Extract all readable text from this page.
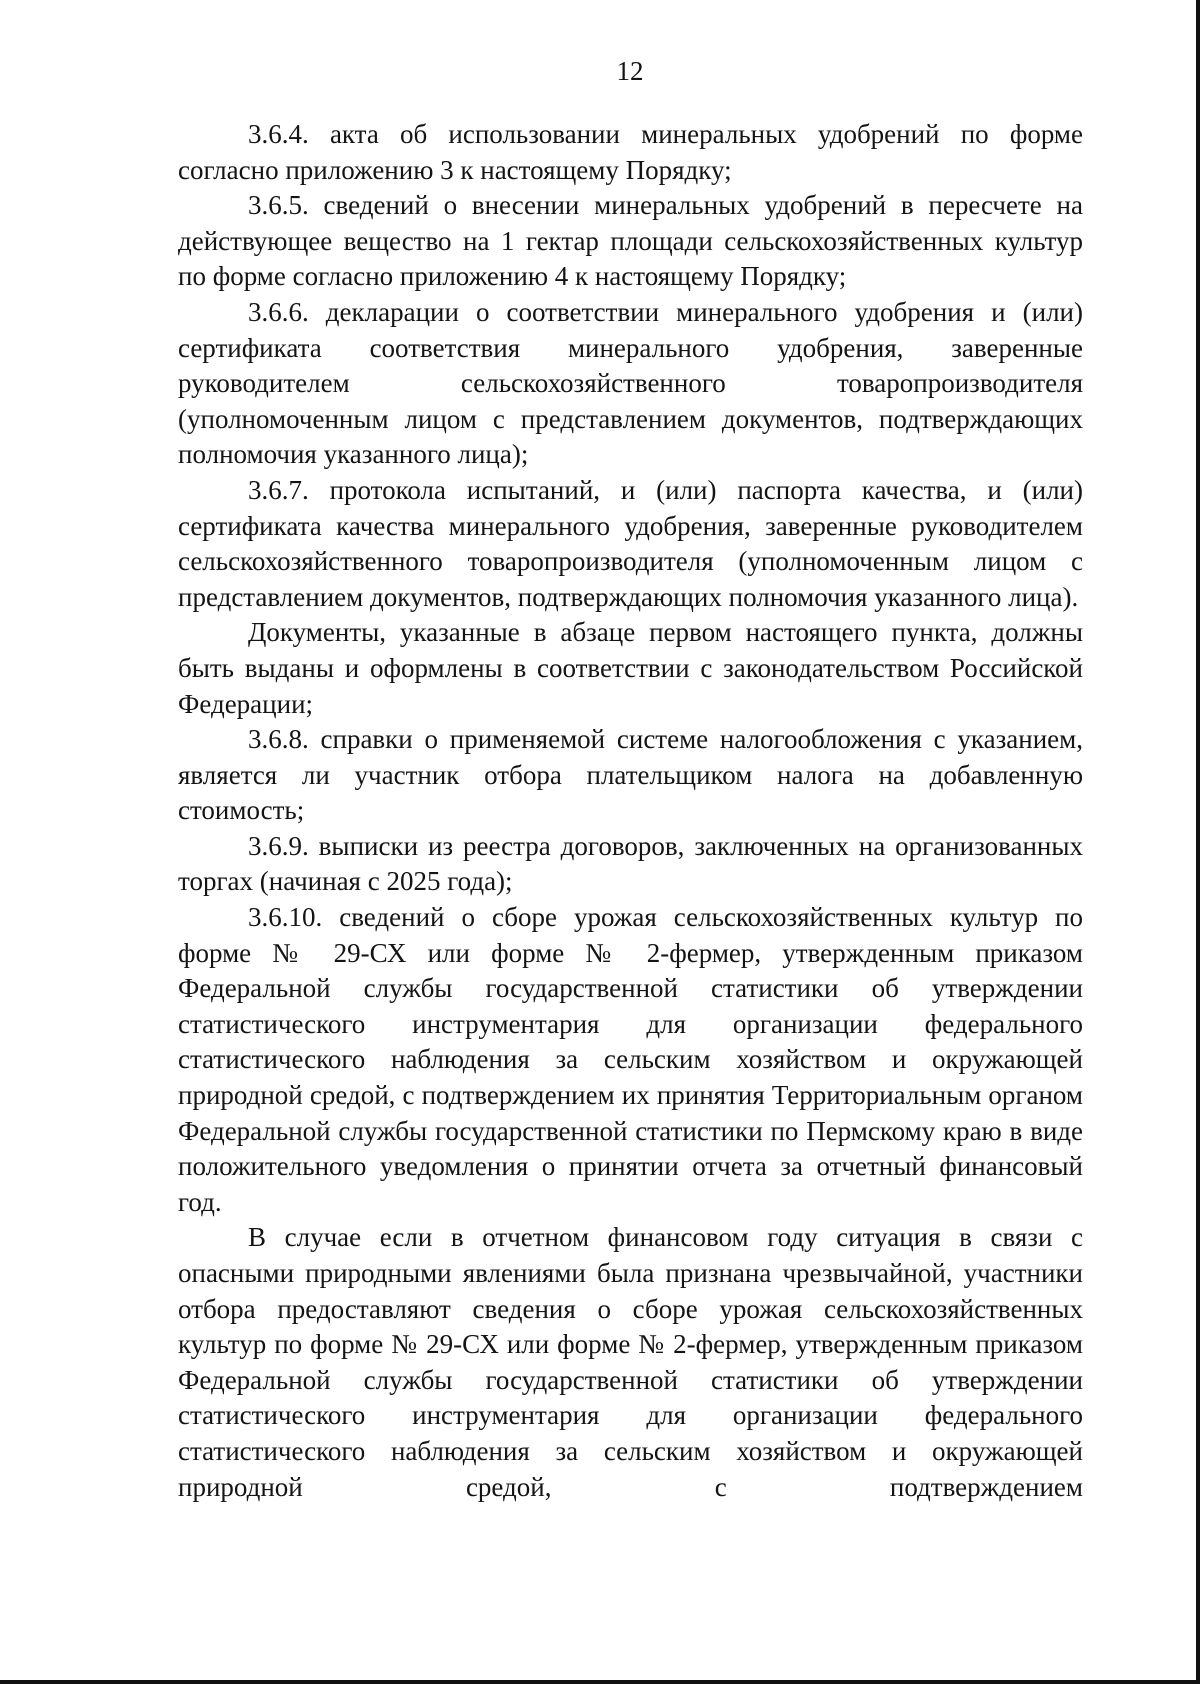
12

3.6.4. акта об использовании минеральных удобрений по форме согласно приложению 3 к настоящему Порядку;

3.6.5. сведений о внесении минеральных удобрений в пересчете на действующее вещество на 1 гектар площади сельскохозяйственных культур по форме согласно приложению 4 к настоящему Порядку;

3.6.6. декларации о соответствии минерального удобрения и (или) сертификата соответствия минерального удобрения, заверенные руководителем сельскохозяйственного товаропроизводителя (уполномоченным лицом с представлением документов, подтверждающих полномочия указанного лица);

3.6.7. протокола испытаний, и (или) паспорта качества, и (или) сертификата качества минерального удобрения, заверенные руководителем сельскохозяйственного товаропроизводителя (уполномоченным лицом с представлением документов, подтверждающих полномочия указанного лица).

Документы, указанные в абзаце первом настоящего пункта, должны быть выданы и оформлены в соответствии с законодательством Российской Федерации;

3.6.8. справки о применяемой системе налогообложения с указанием, является ли участник отбора плательщиком налога на добавленную стоимость;

3.6.9. выписки из реестра договоров, заключенных на организованных торгах (начиная с 2025 года);

3.6.10. сведений о сборе урожая сельскохозяйственных культур по форме № 29-СХ или форме № 2-фермер, утвержденным приказом Федеральной службы государственной статистики об утверждении статистического инструментария для организации федерального статистического наблюдения за сельским хозяйством и окружающей природной средой, с подтверждением их принятия Территориальным органом Федеральной службы государственной статистики по Пермскому краю в виде положительного уведомления о принятии отчета за отчетный финансовый год.

В случае если в отчетном финансовом году ситуация в связи с опасными природными явлениями была признана чрезвычайной, участники отбора предоставляют сведения о сборе урожая сельскохозяйственных культур по форме № 29-СХ или форме № 2-фермер, утвержденным приказом Федеральной службы государственной статистики об утверждении статистического инструментария для организации федерального статистического наблюдения за сельским хозяйством и окружающей природной средой, с подтверждением
